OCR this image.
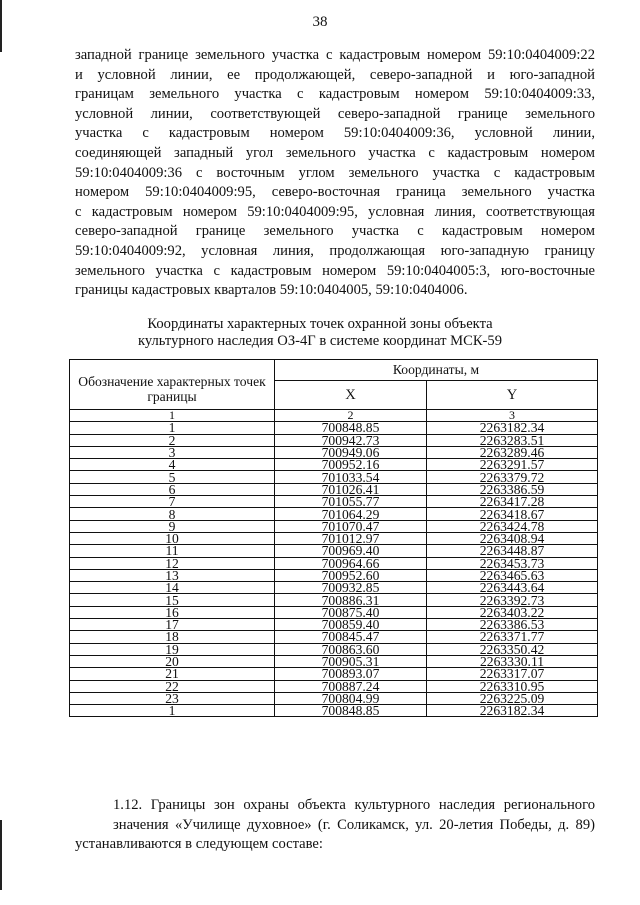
38
западной границе земельного участка с кадастровым номером 59:10:0404009:22
и условной линии, ее продолжающей, северо-западной и юго-западной
границам земельного участка с кадастровым номером 59:10:0404009:33,
условной линии, соответствующей северо-западной границе земельного
участка с кадастровым номером 59:10:0404009:36, условной линии,
соединяющей западный угол земельного участка с кадастровым номером
59:10:0404009:36 с восточным углом земельного участка с кадастровым
номером 59:10:0404009:95, северо-восточная граница земельного участка
с кадастровым номером 59:10:0404009:95, условная линия, соответствующая
северо-западной границе земельного участка с кадастровым номером
59:10:0404009:92, условная линия, продолжающая юго-западную границу
земельного участка с кадастровым номером 59:10:0404005:3, юго-восточные
границы кадастровых кварталов 59:10:0404005, 59:10:0404006.
Координаты характерных точек охранной зоны объекта
культурного наследия ОЗ-4Г в системе координат МСК-59
Обозначение характерных точек границы	Координаты, м	
	X	Y
1	2	3
1	700848.85	2263182.34
2	700942.73	2263283.51
3	700949.06	2263289.46
4	700952.16	2263291.57
5	701033.54	2263379.72
6	701026.41	2263386.59
7	701055.77	2263417.28
8	701064.29	2263418.67
9	701070.47	2263424.78
10	701012.97	2263408.94
11	700969.40	2263448.87
12	700964.66	2263453.73
13	700952.60	2263465.63
14	700932.85	2263443.64
15	700886.31	2263392.73
16	700875.40	2263403.22
17	700859.40	2263386.53
18	700845.47	2263371.77
19	700863.60	2263350.42
20	700905.31	2263330.11
21	700893.07	2263317.07
22	700887.24	2263310.95
23	700804.99	2263225.09
1	700848.85	2263182.34
1.12. Границы зон охраны объекта культурного наследия регионального
значения «Училище духовное» (г. Соликамск, ул. 20-летия Победы, д. 89)
устанавливаются в следующем составе:
